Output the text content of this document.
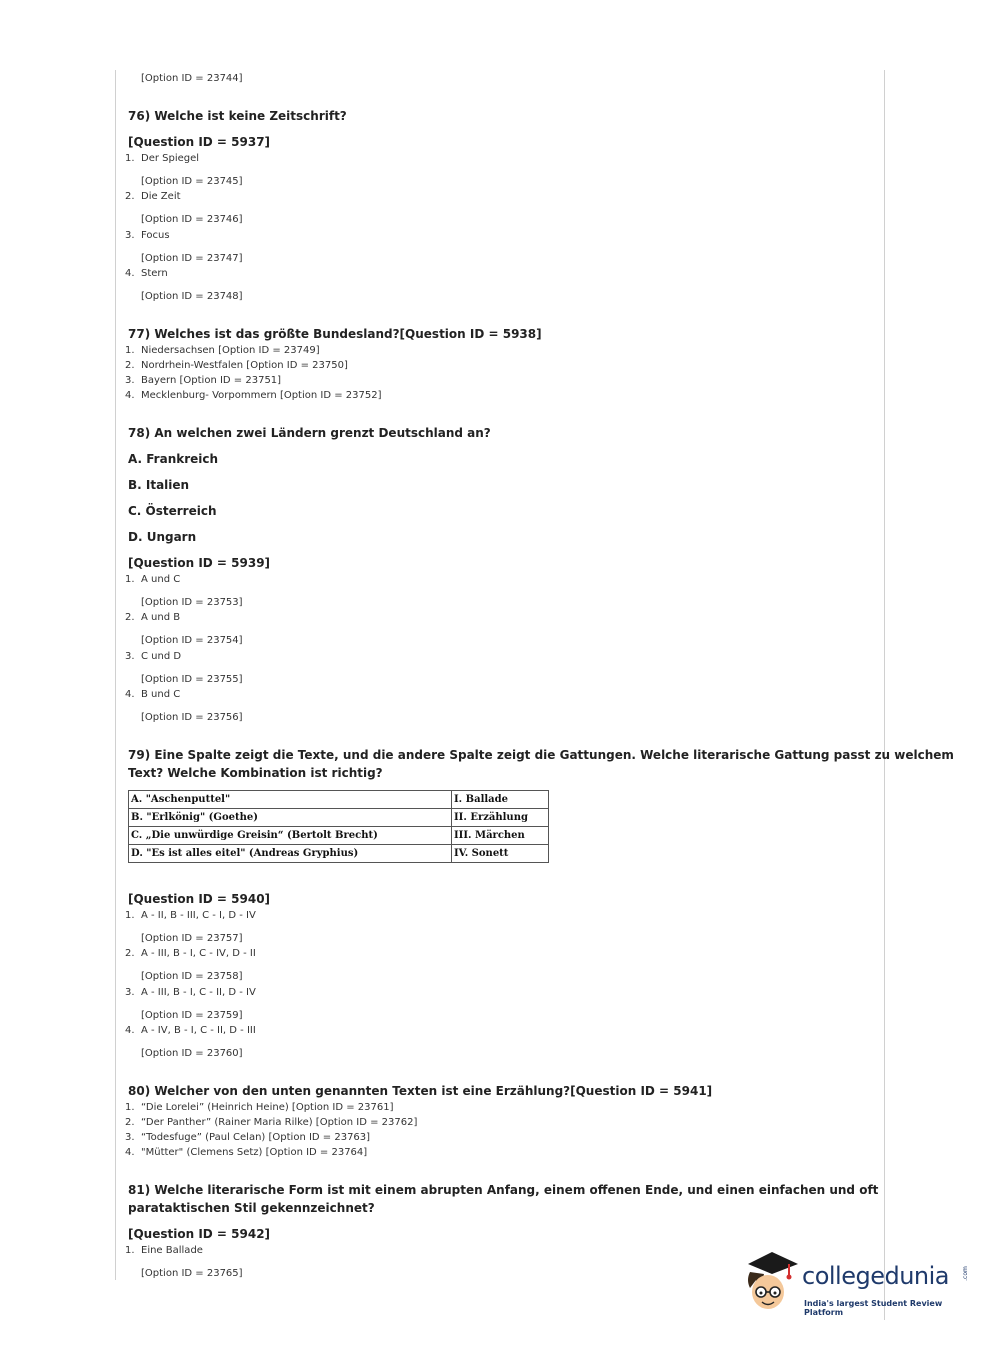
[Option ID = 23744]
76) Welche ist keine Zeitschrift?
[Question ID = 5937]
1. Der Spiegel
[Option ID = 23745]
2. Die Zeit
[Option ID = 23746]
3. Focus
[Option ID = 23747]
4. Stern
[Option ID = 23748]
77) Welches ist das größte Bundesland?[Question ID = 5938]
1. Niedersachsen [Option ID = 23749]
2. Nordrhein-Westfalen [Option ID = 23750]
3. Bayern [Option ID = 23751]
4. Mecklenburg- Vorpommern [Option ID = 23752]
78) An welchen zwei Ländern grenzt Deutschland an?
A. Frankreich
B. Italien
C. Österreich
D. Ungarn
[Question ID = 5939]
1. A und C
[Option ID = 23753]
2. A und B
[Option ID = 23754]
3. C und D
[Option ID = 23755]
4. B und C
[Option ID = 23756]
79) Eine Spalte zeigt die Texte, und die andere Spalte zeigt die Gattungen. Welche literarische Gattung passt zu welchem
Text? Welche Kombination ist richtig?
A. "Aschenputtel"	I. Ballade
B. "Erlkönig" (Goethe)	II. Erzählung
C. „Die unwürdige Greisin“ (Bertolt Brecht)	III. Märchen
D. "Es ist alles eitel" (Andreas Gryphius)	IV. Sonett
[Question ID = 5940]
1. A - II, B - III, C - I, D - IV
[Option ID = 23757]
2. A - III, B - I, C - IV, D - II
[Option ID = 23758]
3. A - III, B - I, C - II, D - IV
[Option ID = 23759]
4. A - IV, B - I, C - II, D - III
[Option ID = 23760]
80) Welcher von den unten genannten Texten ist eine Erzählung?[Question ID = 5941]
1. “Die Lorelei” (Heinrich Heine) [Option ID = 23761]
2. “Der Panther” (Rainer Maria Rilke) [Option ID = 23762]
3. “Todesfuge” (Paul Celan) [Option ID = 23763]
4. "Mütter" (Clemens Setz) [Option ID = 23764]
81) Welche literarische Form ist mit einem abrupten Anfang, einem offenen Ende, und einen einfachen und oft
parataktischen Stil gekennzeichnet?
[Question ID = 5942]
1. Eine Ballade
[Option ID = 23765]	collegedunia .com
India's largest Student Review Platform
